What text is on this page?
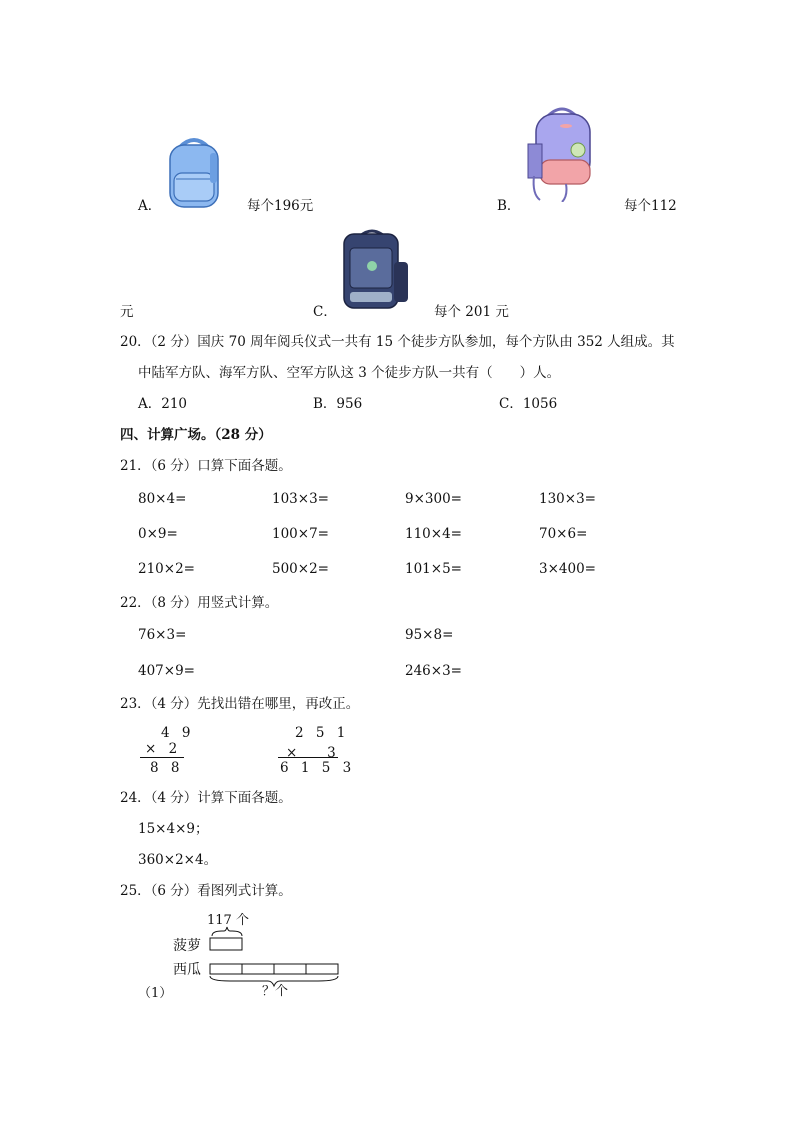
A．	每个196元	B．	每个112
元	C．	每个 201 元
20．（2 分）国庆 70 周年阅兵仪式一共有 15 个徒步方队参加，每个方队由 352 人组成。其
中陆军方队、海军方队、空军方队这 3 个徒步方队一共有（　　）人。
A．210	B．956	C．1056
四、计算广场。（28 分）
21．（6 分）口算下面各题。
80×4=	103×3=	9×300=	130×3=
0×9=	100×7=	110×4=	70×6=
210×2=	500×2=	101×5=	3×400=
22．（8 分）用竖式计算。
76×3=	95×8=
407×9=	246×3=
23．（4 分）先找出错在哪里，再改正。
4 9
× 2
8 8
2 5 1
×　 3
6 1 5 3
24．（4 分）计算下面各题。
15×4×9；
360×2×4。
25．（6 分）看图列式计算。
117 个
菠萝
西瓜
？个
（1）
